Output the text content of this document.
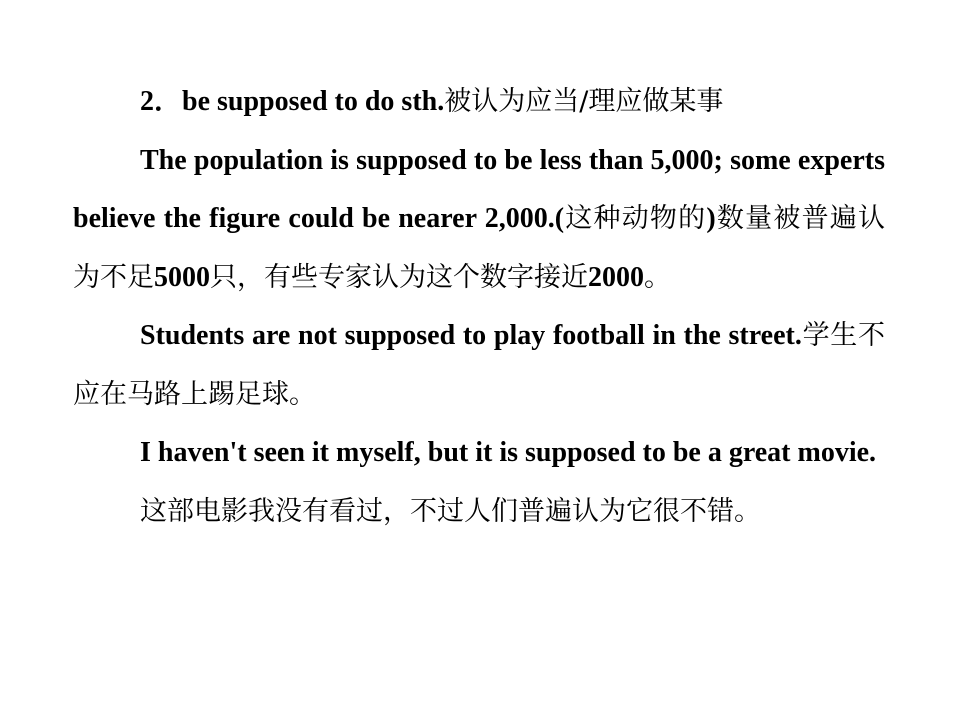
2．be supposed to do sth.被认为应当/理应做某事

The population is supposed to be less than 5,000; some experts believe the figure could be nearer 2,000.(这种动物的)数量被普遍认为不足5000只，有些专家认为这个数字接近2000。

Students are not supposed to play football in the street.学生不应在马路上踢足球。

I haven't seen it myself, but it is supposed to be a great movie.

这部电影我没有看过，不过人们普遍认为它很不错。
